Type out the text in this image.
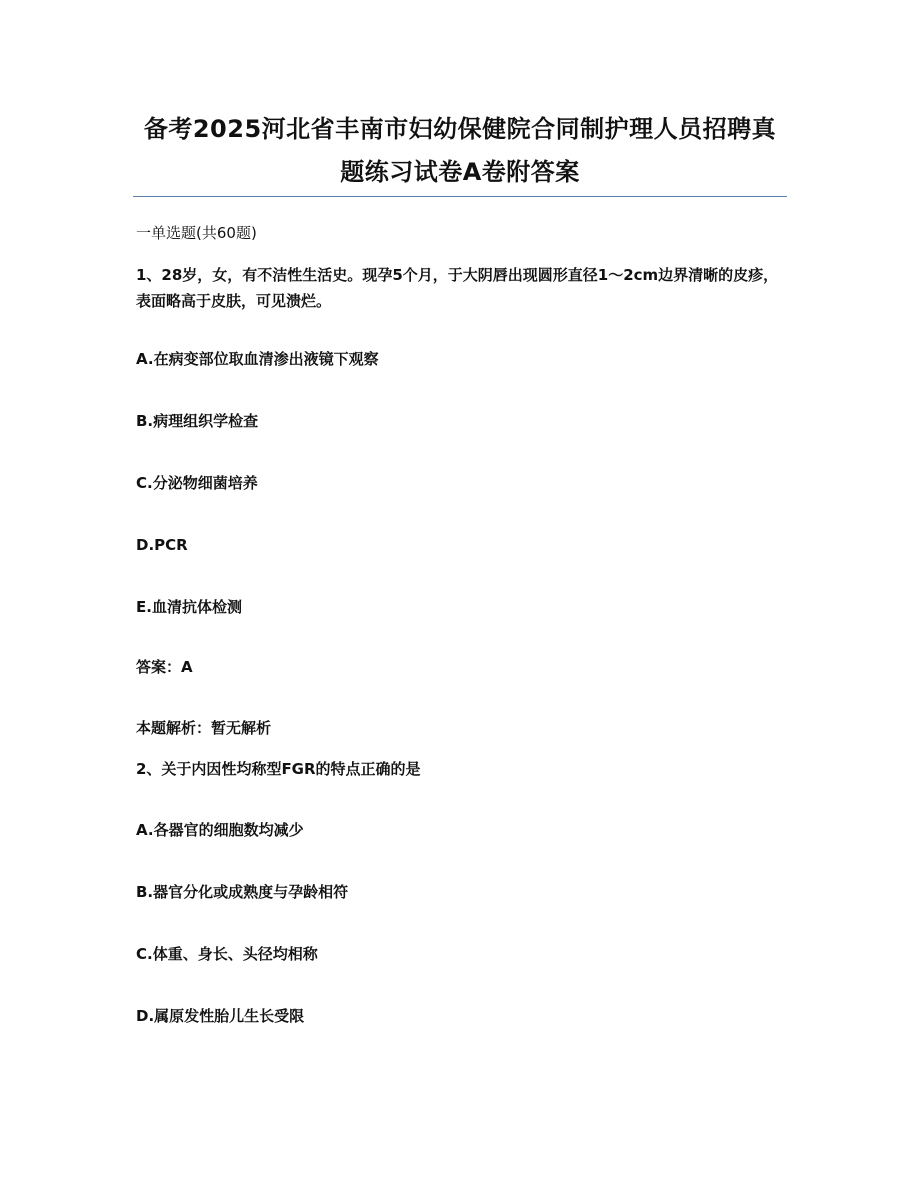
备考2025河北省丰南市妇幼保健院合同制护理人员招聘真
题练习试卷A卷附答案
一单选题(共60题)
1、28岁，女，有不洁性生活史。现孕5个月，于大阴唇出现圆形直径1～2cm边界清晰的皮疹，表面略高于皮肤，可见溃烂。
A.在病变部位取血清渗出液镜下观察
B.病理组织学检查
C.分泌物细菌培养
D.PCR
E.血清抗体检测
答案：A
本题解析：暂无解析
2、关于内因性均称型FGR的特点正确的是
A.各器官的细胞数均减少
B.器官分化或成熟度与孕龄相符
C.体重、身长、头径均相称
D.属原发性胎儿生长受限
